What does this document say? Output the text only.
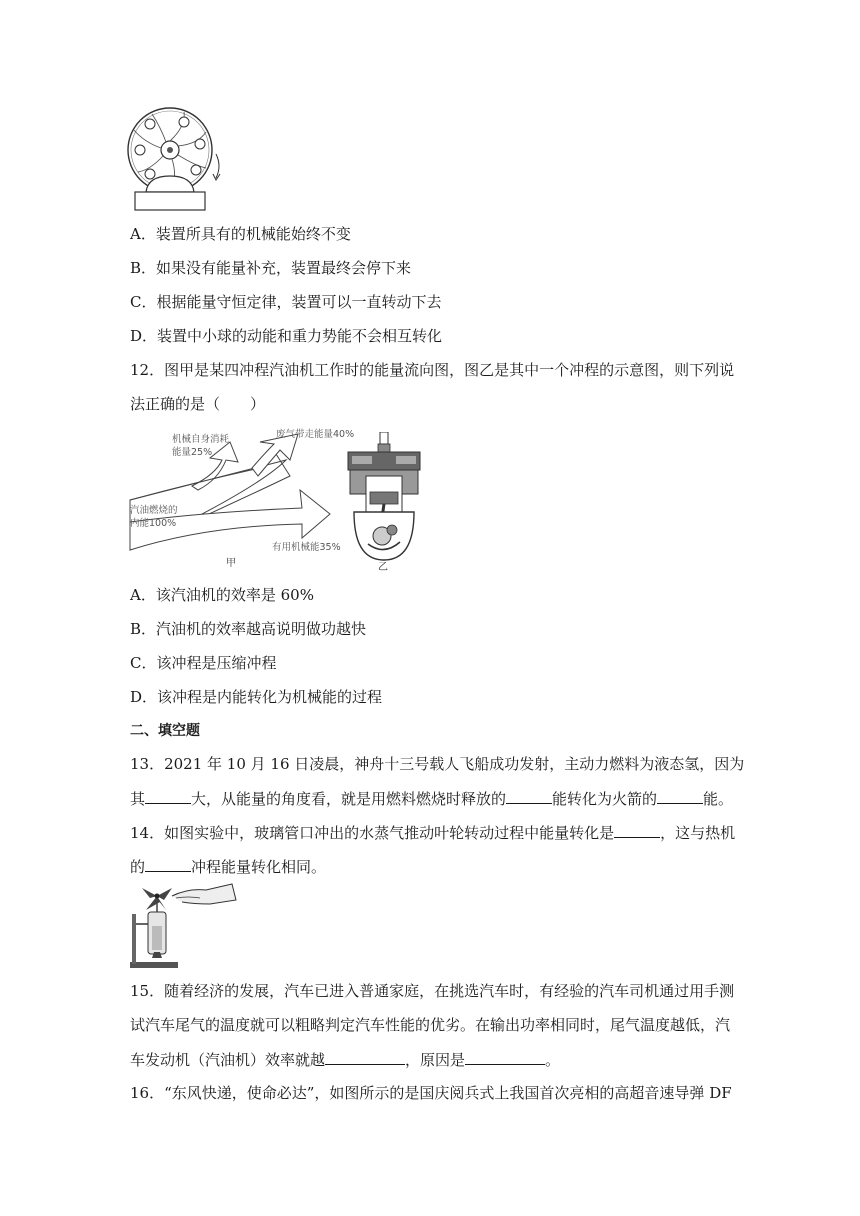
A．装置所具有的机械能始终不变
B．如果没有能量补充，装置最终会停下来
C．根据能量守恒定律，装置可以一直转动下去
D．装置中小球的动能和重力势能不会相互转化
12．图甲是某四冲程汽油机工作时的能量流向图，图乙是其中一个冲程的示意图，则下列说
法正确的是（　　）
机械自身消耗
能量25%
废气带走能量40%
汽油燃烧的
内能100%
有用机械能35%
甲	乙
A．该汽油机的效率是 60%
B．汽油机的效率越高说明做功越快
C．该冲程是压缩冲程
D．该冲程是内能转化为机械能的过程
二、填空题
13．2021 年 10 月 16 日凌晨，神舟十三号载人飞船成功发射，主动力燃料为液态氢，因为
其	大，从能量的角度看，就是用燃料燃烧时释放的	能转化为火箭的	能。
14．如图实验中，玻璃管口冲出的水蒸气推动叶轮转动过程中能量转化是	，这与热机
的	冲程能量转化相同。
15．随着经济的发展，汽车已进入普通家庭，在挑选汽车时，有经验的汽车司机通过用手测
试汽车尾气的温度就可以粗略判定汽车性能的优劣。在输出功率相同时，尾气温度越低，汽
车发动机（汽油机）效率就越	，原因是	。
16．“东风快递，使命必达”，如图所示的是国庆阅兵式上我国首次亮相的高超音速导弹 DF
